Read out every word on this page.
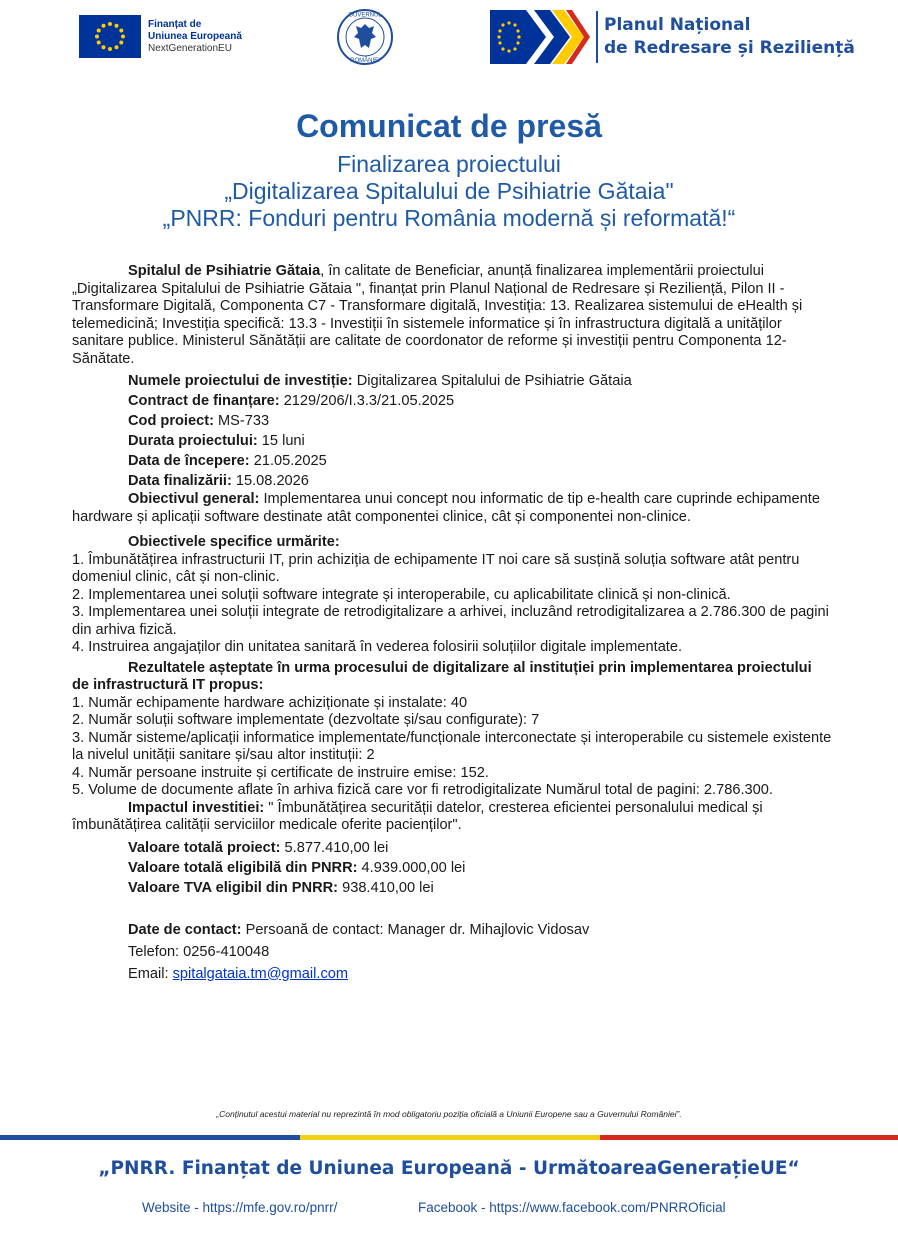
Finanțat de
Uniunea Europeană
NextGenerationEU
GUVERNUL
ROMÂNIEI
Planul Național
de Redresare și Reziliență
Comunicat de presă
Finalizarea proiectului
„Digitalizarea Spitalului de Psihiatrie Gătaia"
„PNRR: Fonduri pentru România modernă și reformată!“

Spitalul de Psihiatrie Gătaia, în calitate de Beneficiar, anunță finalizarea implementării proiectului „Digitalizarea Spitalului de Psihiatrie Gătaia ", finanțat prin Planul Național de Redresare și Reziliență, Pilon II - Transformare Digitală, Componenta C7 - Transformare digitală, Investiția: 13. Realizarea sistemului de eHealth și telemedicină; Investiția specifică: 13.3 - Investiții în sistemele informatice și în infrastructura digitală a unităților sanitare publice. Ministerul Sănătății are calitate de coordonator de reforme și investiții pentru Componenta 12-Sănătate.

Numele proiectului de investiție: Digitalizarea Spitalului de Psihiatrie Gătaia

Contract de finanțare: 2129/206/I.3.3/21.05.2025

Cod proiect: MS-733

Durata proiectului: 15 luni

Data de începere: 21.05.2025

Data finalizării: 15.08.2026

Obiectivul general: Implementarea unui concept nou informatic de tip e-health care cuprinde echipamente hardware și aplicații software destinate atât componentei clinice, cât și componentei non-clinice.

Obiectivele specifice urmărite:

1. Îmbunătățirea infrastructurii IT, prin achiziția de echipamente IT noi care să susțină soluția software atât pentru domeniul clinic, cât și non-clinic.

2. Implementarea unei soluții software integrate și interoperabile, cu aplicabilitate clinică și non-clinică.

3. Implementarea unei soluții integrate de retrodigitalizare a arhivei, incluzând retrodigitalizarea a 2.786.300 de pagini din arhiva fizică.

4. Instruirea angajaților din unitatea sanitară în vederea folosirii soluțiilor digitale implementate.

Rezultatele așteptate în urma procesului de digitalizare al instituției prin implementarea proiectului de infrastructură IT propus:

1. Număr echipamente hardware achiziționate și instalate: 40

2. Număr soluții software implementate (dezvoltate și/sau configurate): 7

3. Număr sisteme/aplicații informatice implementate/funcționale interconectate și interoperabile cu sistemele existente la nivelul unității sanitare și/sau altor instituții: 2

4. Număr persoane instruite și certificate de instruire emise: 152.

5. Volume de documente aflate în arhiva fizică care vor fi retrodigitalizate Numărul total de pagini: 2.786.300.

Impactul investitiei: " Îmbunătățirea securității datelor, cresterea eficientei personalului medical și îmbunătățirea calității serviciilor medicale oferite pacienților".

Valoare totală proiect: 5.877.410,00 lei

Valoare totală eligibilă din PNRR: 4.939.000,00 lei

Valoare TVA eligibil din PNRR: 938.410,00 lei

Date de contact: Persoană de contact: Manager dr. Mihajlovic Vidosav

Telefon: 0256-410048

Email: spitalgataia.tm@gmail.com

„Conținutul acestui material nu reprezintă în mod obligatoriu poziția oficială a Uniunii Europene sau a Guvernului României”.
„PNRR. Finanțat de Uniunea Europeană - UrmătoareaGenerațieUE“
Website - https://mfe.gov.ro/pnrr/	Facebook - https://www.facebook.com/PNRROficial
